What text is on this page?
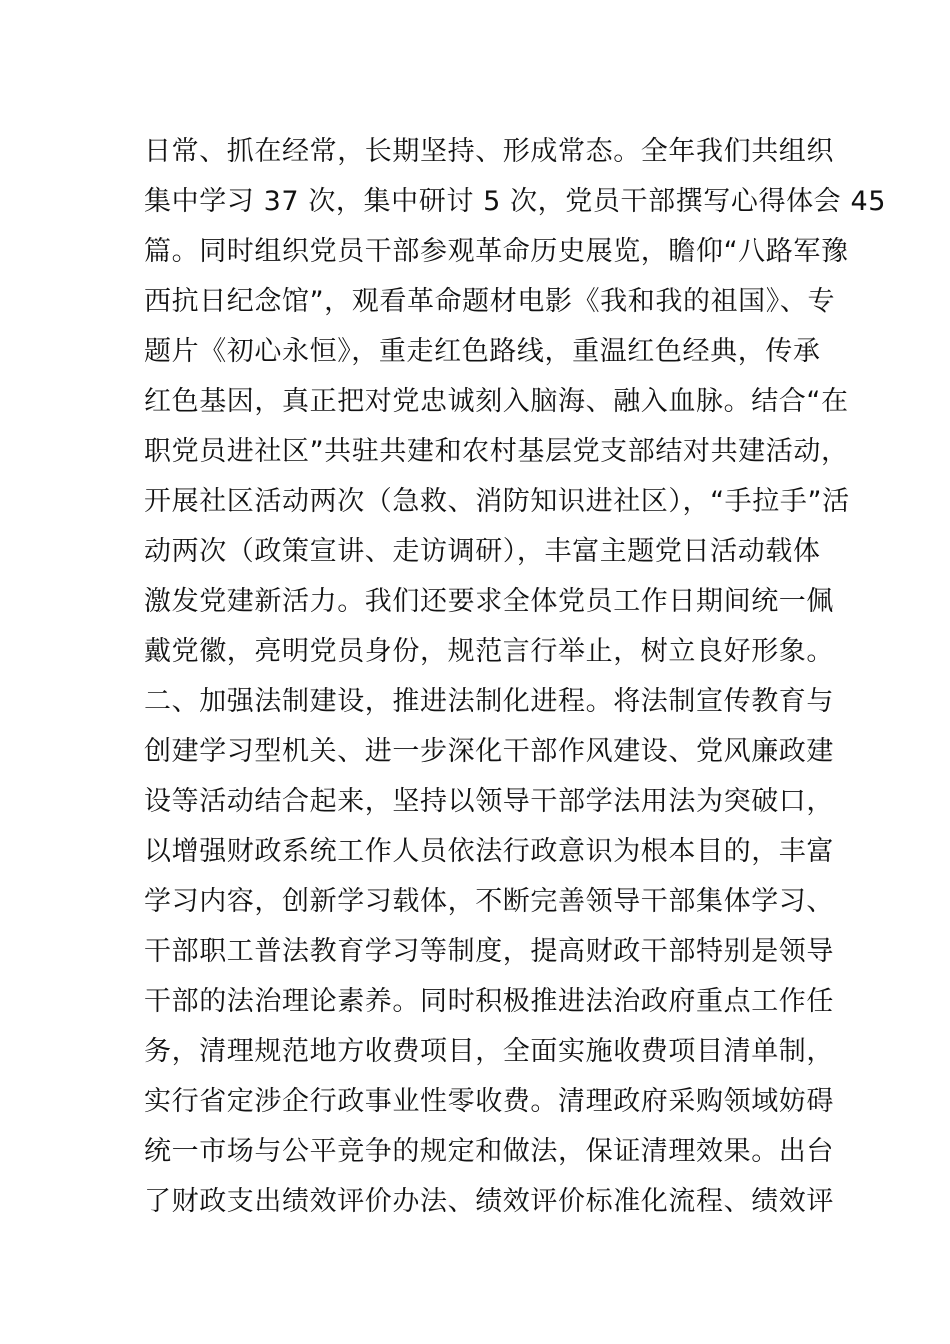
日常、抓在经常，长期坚持、形成常态。全年我们共组织
集中学习 37 次，集中研讨 5 次，党员干部撰写心得体会 45
篇。同时组织党员干部参观革命历史展览，瞻仰“八路军豫
西抗日纪念馆”，观看革命题材电影《我和我的祖国》、专
题片《初心永恒》，重走红色路线，重温红色经典，传承
红色基因，真正把对党忠诚刻入脑海、融入血脉。结合“在
职党员进社区”共驻共建和农村基层党支部结对共建活动，
开展社区活动两次（急救、消防知识进社区），“手拉手”活
动两次（政策宣讲、走访调研），丰富主题党日活动载体
激发党建新活力。我们还要求全体党员工作日期间统一佩
戴党徽，亮明党员身份，规范言行举止，树立良好形象。
二、加强法制建设，推进法制化进程。将法制宣传教育与
创建学习型机关、进一步深化干部作风建设、党风廉政建
设等活动结合起来，坚持以领导干部学法用法为突破口，
以增强财政系统工作人员依法行政意识为根本目的，丰富
学习内容，创新学习载体，不断完善领导干部集体学习、
干部职工普法教育学习等制度，提高财政干部特别是领导
干部的法治理论素养。同时积极推进法治政府重点工作任
务，清理规范地方收费项目，全面实施收费项目清单制，
实行省定涉企行政事业性零收费。清理政府采购领域妨碍
统一市场与公平竞争的规定和做法，保证清理效果。出台
了财政支出绩效评价办法、绩效评价标准化流程、绩效评
